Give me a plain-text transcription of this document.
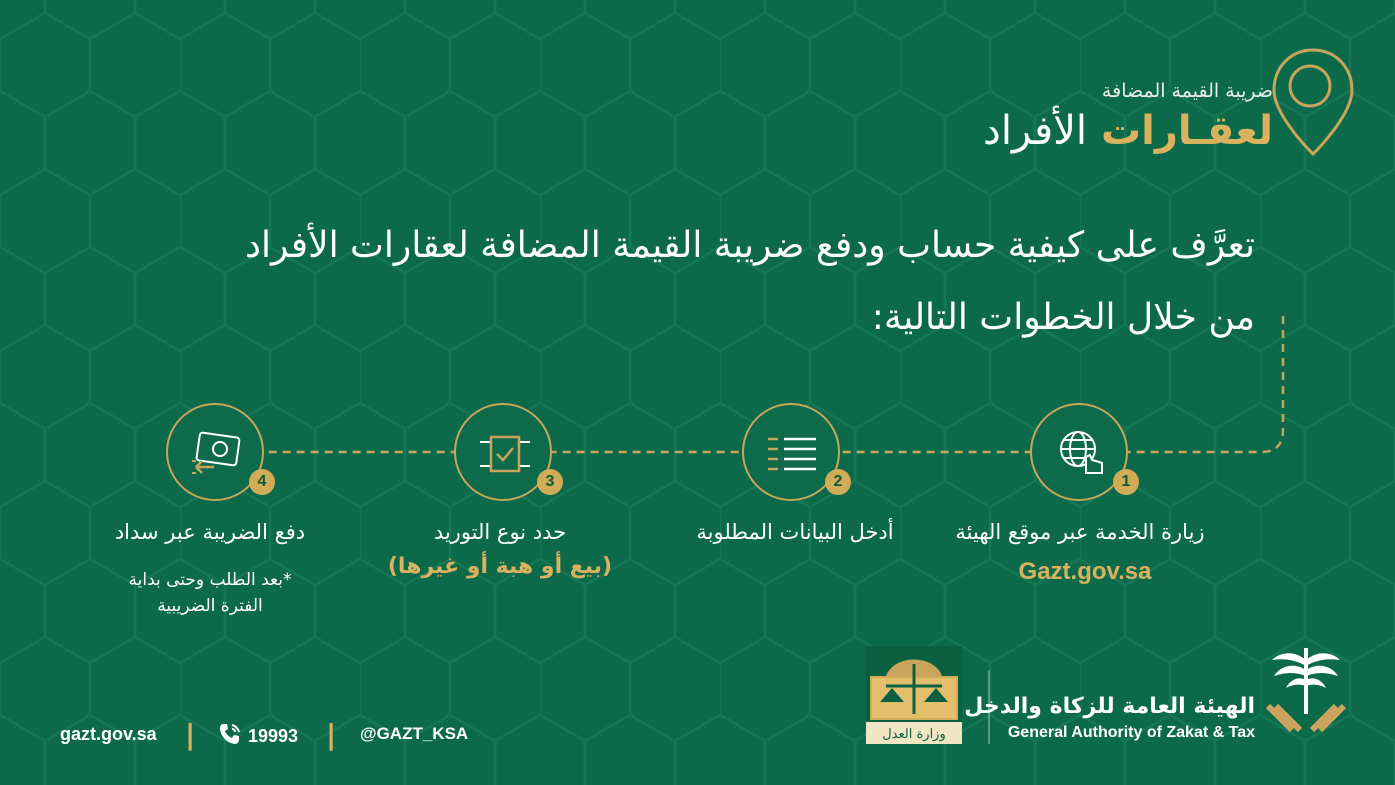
ضريبة القيمة المضافة
لعقـارات الأفراد
تعرَّف على كيفية حساب ودفع ضريبة القيمة المضافة لعقارات الأفراد
من خلال الخطوات التالية:
1
زيارة الخدمة عبر موقع الهيئة
Gazt.gov.sa
2
أدخل البيانات المطلوبة
3
حدد نوع التوريد
(بيع أو هبة أو غيرها)
4
دفع الضريبة عبر سداد
*بعد الطلب وحتى بداية
الفترة الضريبية
gazt.gov.sa |	19993 | @GAZT_KSA	وزارة العدل
الهيئة العامة للزكاة والدخل
General Authority of Zakat & Tax
